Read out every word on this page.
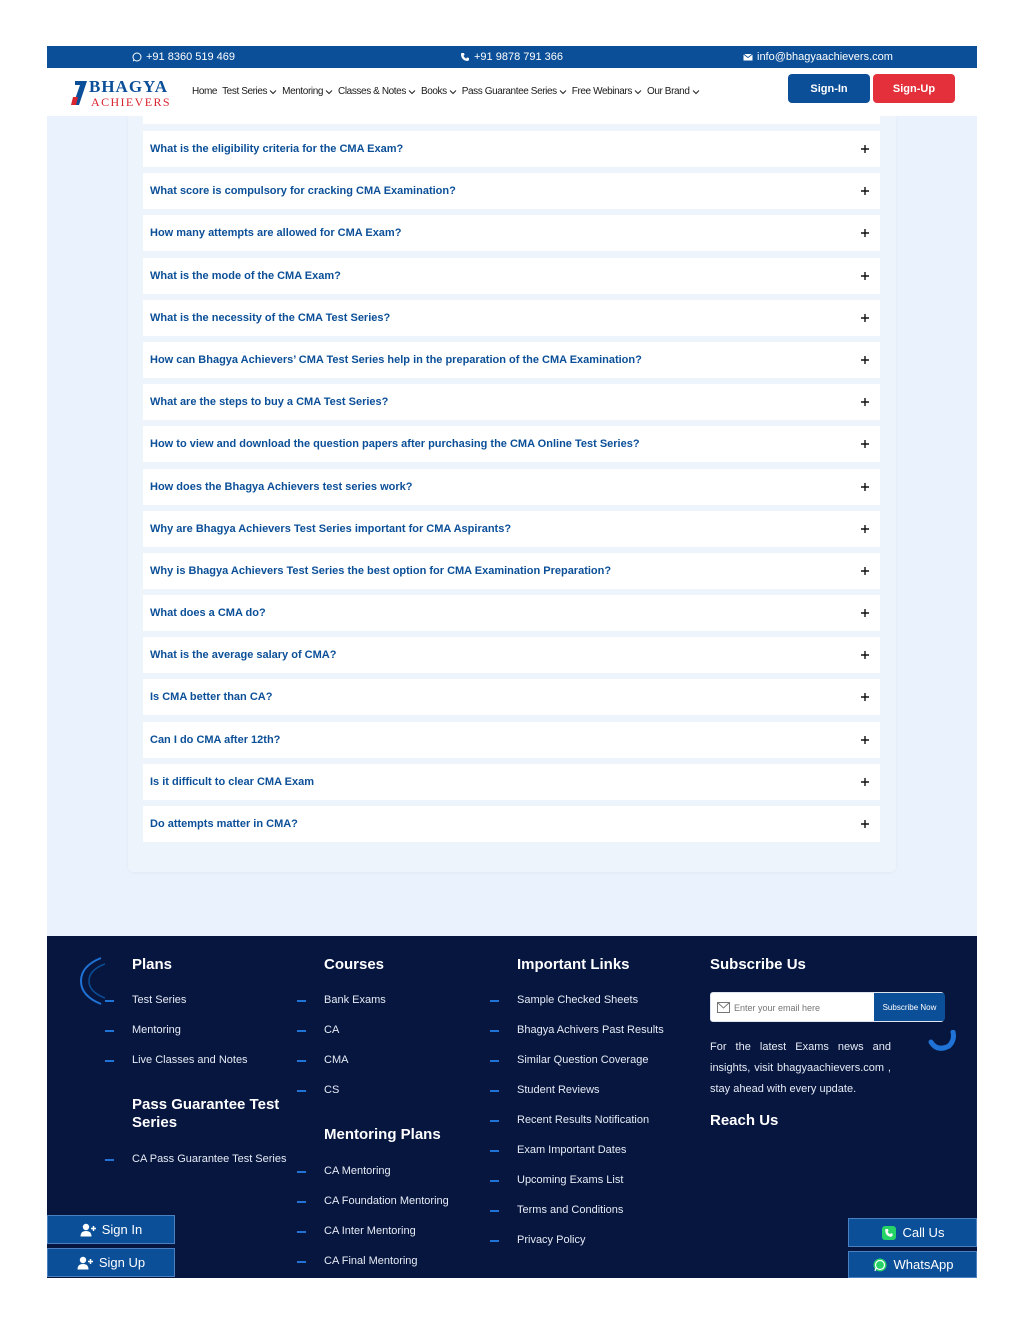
+91 8360 519 469	+91 9878 791 366	info@bhagyaachievers.com
BHAGYA
ACHIEVERS
Home Test Series Mentoring Classes & Notes Books Pass Guarantee Series Free Webinars Our Brand	Sign-In	Sign-Up
What is the eligibility criteria for the CMA Exam?
What score is compulsory for cracking CMA Examination?
How many attempts are allowed for CMA Exam?
What is the mode of the CMA Exam?
What is the necessity of the CMA Test Series?
How can Bhagya Achievers’ CMA Test Series help in the preparation of the CMA Examination?
What are the steps to buy a CMA Test Series?
How to view and download the question papers after purchasing the CMA Online Test Series?
How does the Bhagya Achievers test series work?
Why are Bhagya Achievers Test Series important for CMA Aspirants?
Why is Bhagya Achievers Test Series the best option for CMA Examination Preparation?
What does a CMA do?
What is the average salary of CMA?
Is CMA better than CA?
Can I do CMA after 12th?
Is it difficult to clear CMA Exam
Do attempts matter in CMA?
Plans
Test Series
Mentoring
Live Classes and Notes
Pass Guarantee Test Series
CA Pass Guarantee Test Series
Courses
Bank Exams
CA
CMA
CS
Mentoring Plans
CA Mentoring
CA Foundation Mentoring
CA Inter Mentoring
CA Final Mentoring
Important Links
Sample Checked Sheets
Bhagya Achivers Past Results
Similar Question Coverage
Student Reviews
Recent Results Notification
Exam Important Dates
Upcoming Exams List
Terms and Conditions
Privacy Policy
Subscribe Us
Enter your email here
Subscribe Now
For the latest Exams news and insights, visit bhagyaachievers.com , stay ahead with every update.
Reach Us
Sign In
Sign Up
Call Us
WhatsApp
